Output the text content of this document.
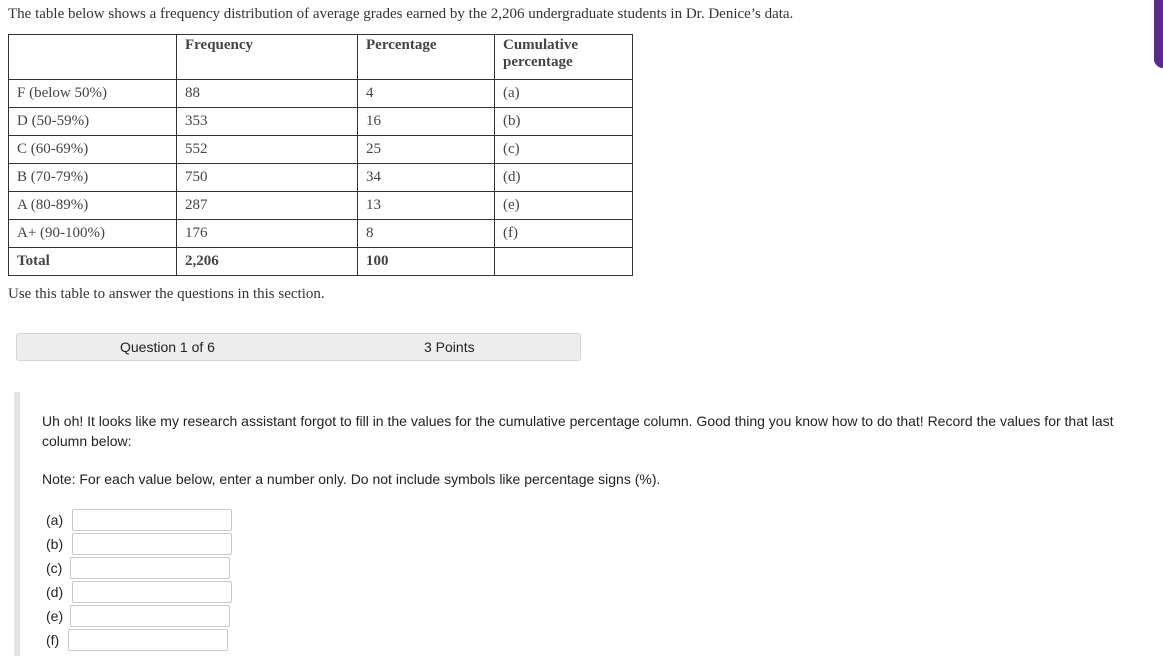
The table below shows a frequency distribution of average grades earned by the 2,206 undergraduate students in Dr. Denice’s data.
	Frequency	Percentage	Cumulative percentage
F (below 50%)	88	4	(a)
D (50-59%)	353	16	(b)
C (60-69%)	552	25	(c)
B (70-79%)	750	34	(d)
A (80-89%)	287	13	(e)
A+ (90-100%)	176	8	(f)
Total	2,206	100	
Use this table to answer the questions in this section.
Question 1 of 6	3 Points
Uh oh! It looks like my research assistant forgot to fill in the values for the cumulative percentage column. Good thing you know how to do that! Record the values for that last column below:
Note: For each value below, enter a number only. Do not include symbols like percentage signs (%).
(a)
(b)
(c)
(d)
(e)
(f)
